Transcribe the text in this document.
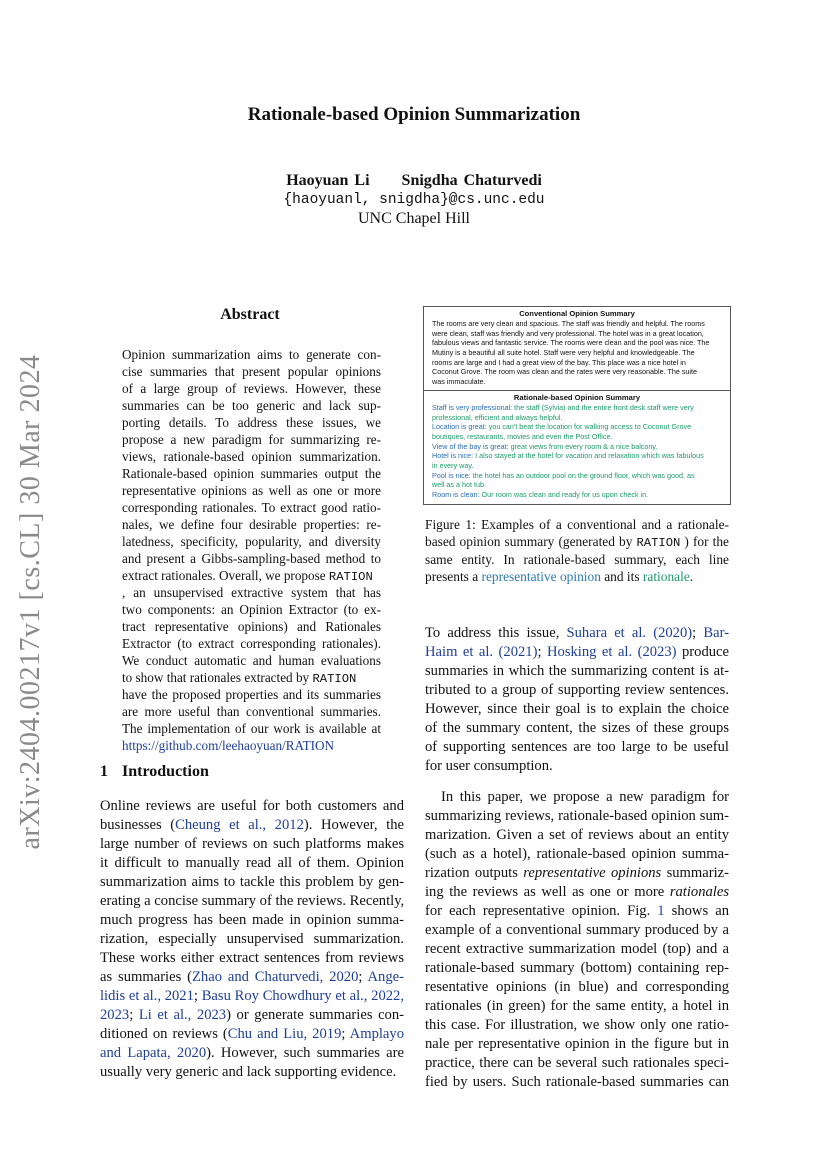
arXiv:2404.00217v1 [cs.CL] 30 Mar 2024
Rationale-based Opinion Summarization
Haoyuan Li Snigdha Chaturvedi
{haoyuanl, snigdha}@cs.unc.edu
UNC Chapel Hill
Abstract
Opinion summarization aims to generate con-
cise summaries that present popular opinions
of a large group of reviews. However, these
summaries can be too generic and lack sup-
porting details. To address these issues, we
propose a new paradigm for summarizing re-
views, rationale-based opinion summarization.
Rationale-based opinion summaries output the
representative opinions as well as one or more
corresponding rationales. To extract good ratio-
nales, we define four desirable properties: re-
latedness, specificity, popularity, and diversity
and present a Gibbs-sampling-based method to
extract rationales. Overall, we propose RATION
, an unsupervised extractive system that has
two components: an Opinion Extractor (to ex-
tract representative opinions) and Rationales
Extractor (to extract corresponding rationales).
We conduct automatic and human evaluations
to show that rationales extracted by RATION
have the proposed properties and its summaries
are more useful than conventional summaries.
The implementation of our work is available at
https://github.com/leehaoyuan/RATION
1 Introduction
Online reviews are useful for both customers and
businesses (Cheung et al., 2012). However, the
large number of reviews on such platforms makes
it difficult to manually read all of them. Opinion
summarization aims to tackle this problem by gen-
erating a concise summary of the reviews. Recently,
much progress has been made in opinion summa-
rization, especially unsupervised summarization.
These works either extract sentences from reviews
as summaries (Zhao and Chaturvedi, 2020; Ange-
lidis et al., 2021; Basu Roy Chowdhury et al., 2022,
2023; Li et al., 2023) or generate summaries con-
ditioned on reviews (Chu and Liu, 2019; Amplayo
and Lapata, 2020). However, such summaries are
usually very generic and lack supporting evidence.
Conventional Opinion Summary
The rooms are very clean and spacious. The staff was friendly and helpful. The rooms
were clean, staff was friendly and very professional. The hotel was in a great location,
fabulous views and fantastic service. The rooms were clean and the pool was nice. The
Mutiny is a beautiful all suite hotel. Staff were very helpful and knowledgeable. The
rooms are large and I had a great view of the bay. This place was a nice hotel in
Coconut Grove. The room was clean and the rates were very reasonable. The suite
was immaculate.
Rationale-based Opinion Summary
Staff is very professional: the staff (Sylvia) and the entire front desk staff were very
professional, efficient and always helpful.
Location is great: you can't beat the location for walking access to Coconut Grove
boutiques, restaurants, movies and even the Post Office.
View of the bay is great: great views from every room & a nice balcony.
Hotel is nice: I also stayed at the hotel for vacation and relaxation which was fabulous
in every way.
Pool is nice: the hotel has an outdoor pool on the ground floor, which was good, as
well as a hot tub.
Room is clean: Our room was clean and ready for us upon check in.
Figure 1: Examples of a conventional and a rationale-
based opinion summary (generated by RATION ) for the
same entity. In rationale-based summary, each line
presents a representative opinion and its rationale.
To address this issue, Suhara et al. (2020); Bar-
Haim et al. (2021); Hosking et al. (2023) produce
summaries in which the summarizing content is at-
tributed to a group of supporting review sentences.
However, since their goal is to explain the choice
of the summary content, the sizes of these groups
of supporting sentences are too large to be useful
for user consumption.
In this paper, we propose a new paradigm for
summarizing reviews, rationale-based opinion sum-
marization. Given a set of reviews about an entity
(such as a hotel), rationale-based opinion summa-
rization outputs representative opinions summariz-
ing the reviews as well as one or more rationales
for each representative opinion. Fig. 1 shows an
example of a conventional summary produced by a
recent extractive summarization model (top) and a
rationale-based summary (bottom) containing rep-
resentative opinions (in blue) and corresponding
rationales (in green) for the same entity, a hotel in
this case. For illustration, we show only one ratio-
nale per representative opinion in the figure but in
practice, there can be several such rationales speci-
fied by users. Such rationale-based summaries can
